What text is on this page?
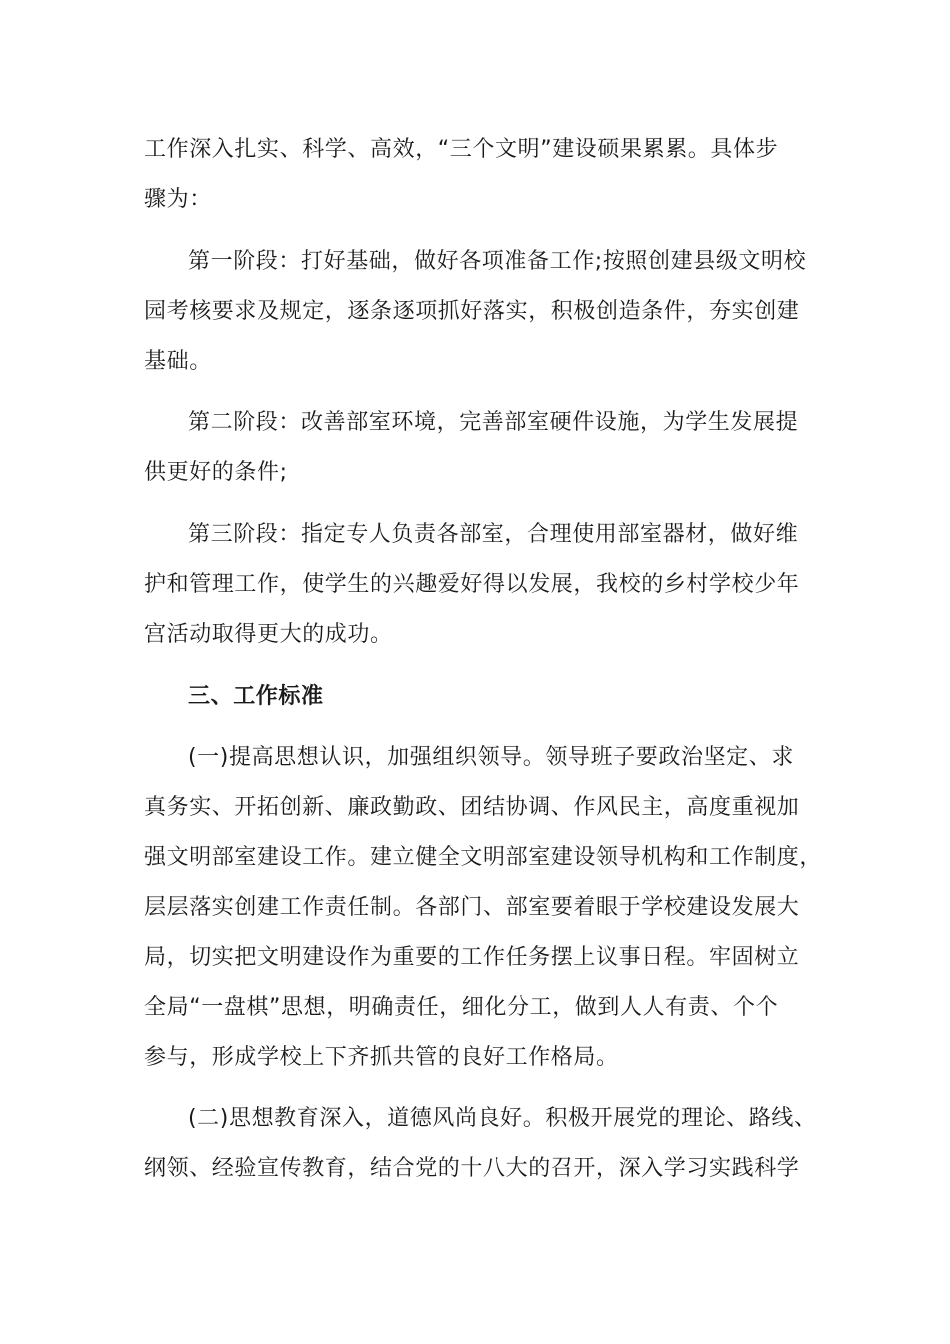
工作深入扎实、科学、高效，“三个文明”建设硕果累累。具体步
骤为：
第一阶段：打好基础，做好各项准备工作;按照创建县级文明校
园考核要求及规定，逐条逐项抓好落实，积极创造条件，夯实创建
基础。
第二阶段：改善部室环境，完善部室硬件设施，为学生发展提
供更好的条件;
第三阶段：指定专人负责各部室，合理使用部室器材，做好维
护和管理工作，使学生的兴趣爱好得以发展，我校的乡村学校少年
宫活动取得更大的成功。
三、工作标准
(一)提高思想认识，加强组织领导。领导班子要政治坚定、求
真务实、开拓创新、廉政勤政、团结协调、作风民主，高度重视加
强文明部室建设工作。建立健全文明部室建设领导机构和工作制度，
层层落实创建工作责任制。各部门、部室要着眼于学校建设发展大
局，切实把文明建设作为重要的工作任务摆上议事日程。牢固树立
全局“一盘棋”思想，明确责任，细化分工，做到人人有责、个个
参与，形成学校上下齐抓共管的良好工作格局。
(二)思想教育深入，道德风尚良好。积极开展党的理论、路线、
纲领、经验宣传教育，结合党的十八大的召开，深入学习实践科学
